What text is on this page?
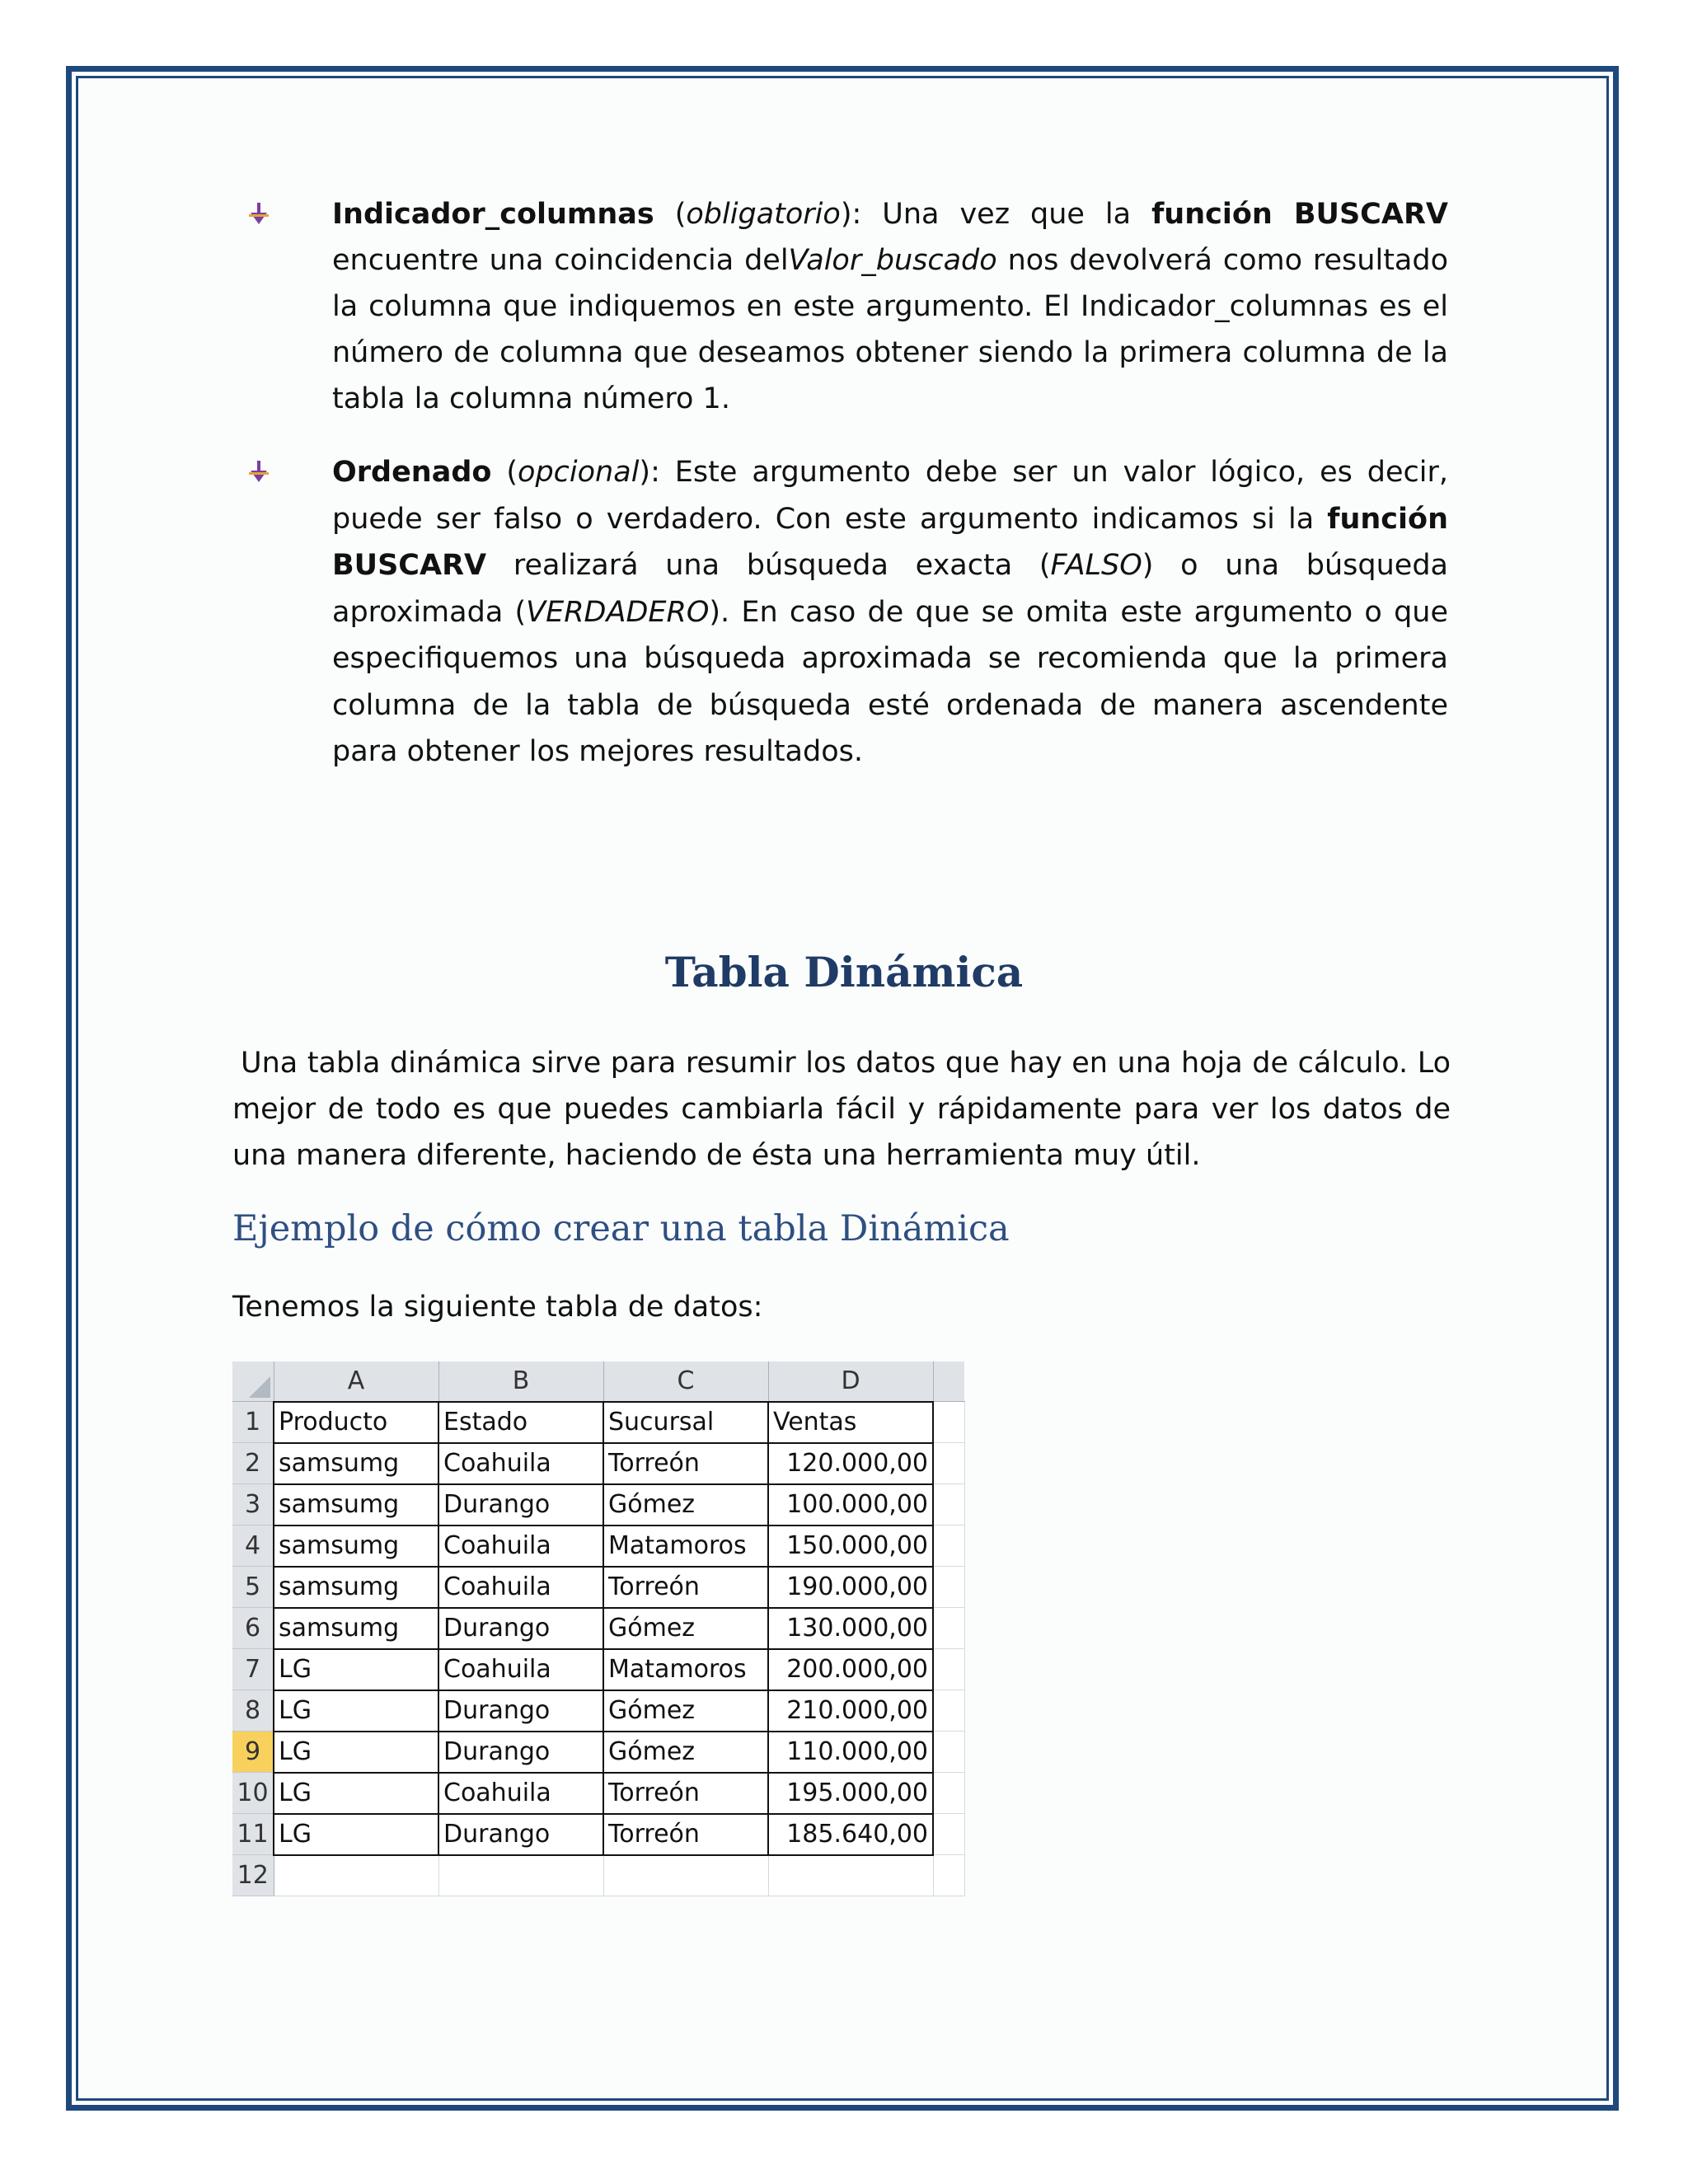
Indicador_columnas (obligatorio): Una vez que la función BUSCARV encuentre una coincidencia delValor_buscado nos devolverá como resultado la columna que indiquemos en este argumento. El Indicador_columnas es el número de columna que deseamos obtener siendo la primera columna de la tabla la columna número 1.

Ordenado (opcional): Este argumento debe ser un valor lógico, es decir, puede ser falso o verdadero. Con este argumento indicamos si la función BUSCARV realizará una búsqueda exacta (FALSO) o una búsqueda aproximada (VERDADERO). En caso de que se omita este argumento o que especifiquemos una búsqueda aproximada se recomienda que la primera columna de la tabla de búsqueda esté ordenada de manera ascendente para obtener los mejores resultados.

Tabla Dinámica

Una tabla dinámica sirve para resumir los datos que hay en una hoja de cálculo. Lo mejor de todo es que puedes cambiarla fácil y rápidamente para ver los datos de una manera diferente, haciendo de ésta una herramienta muy útil.

Ejemplo de cómo crear una tabla Dinámica
Tenemos la siguiente tabla de datos:
	A	B	C	D	
1	Producto	Estado	Sucursal	Ventas	
2	samsumg	Coahuila	Torreón	120.000,00	
3	samsumg	Durango	Gómez	100.000,00	
4	samsumg	Coahuila	Matamoros	150.000,00	
5	samsumg	Coahuila	Torreón	190.000,00	
6	samsumg	Durango	Gómez	130.000,00	
7	LG	Coahuila	Matamoros	200.000,00	
8	LG	Durango	Gómez	210.000,00	
9	LG	Durango	Gómez	110.000,00	
10	LG	Coahuila	Torreón	195.000,00	
11	LG	Durango	Torreón	185.640,00	
12					
